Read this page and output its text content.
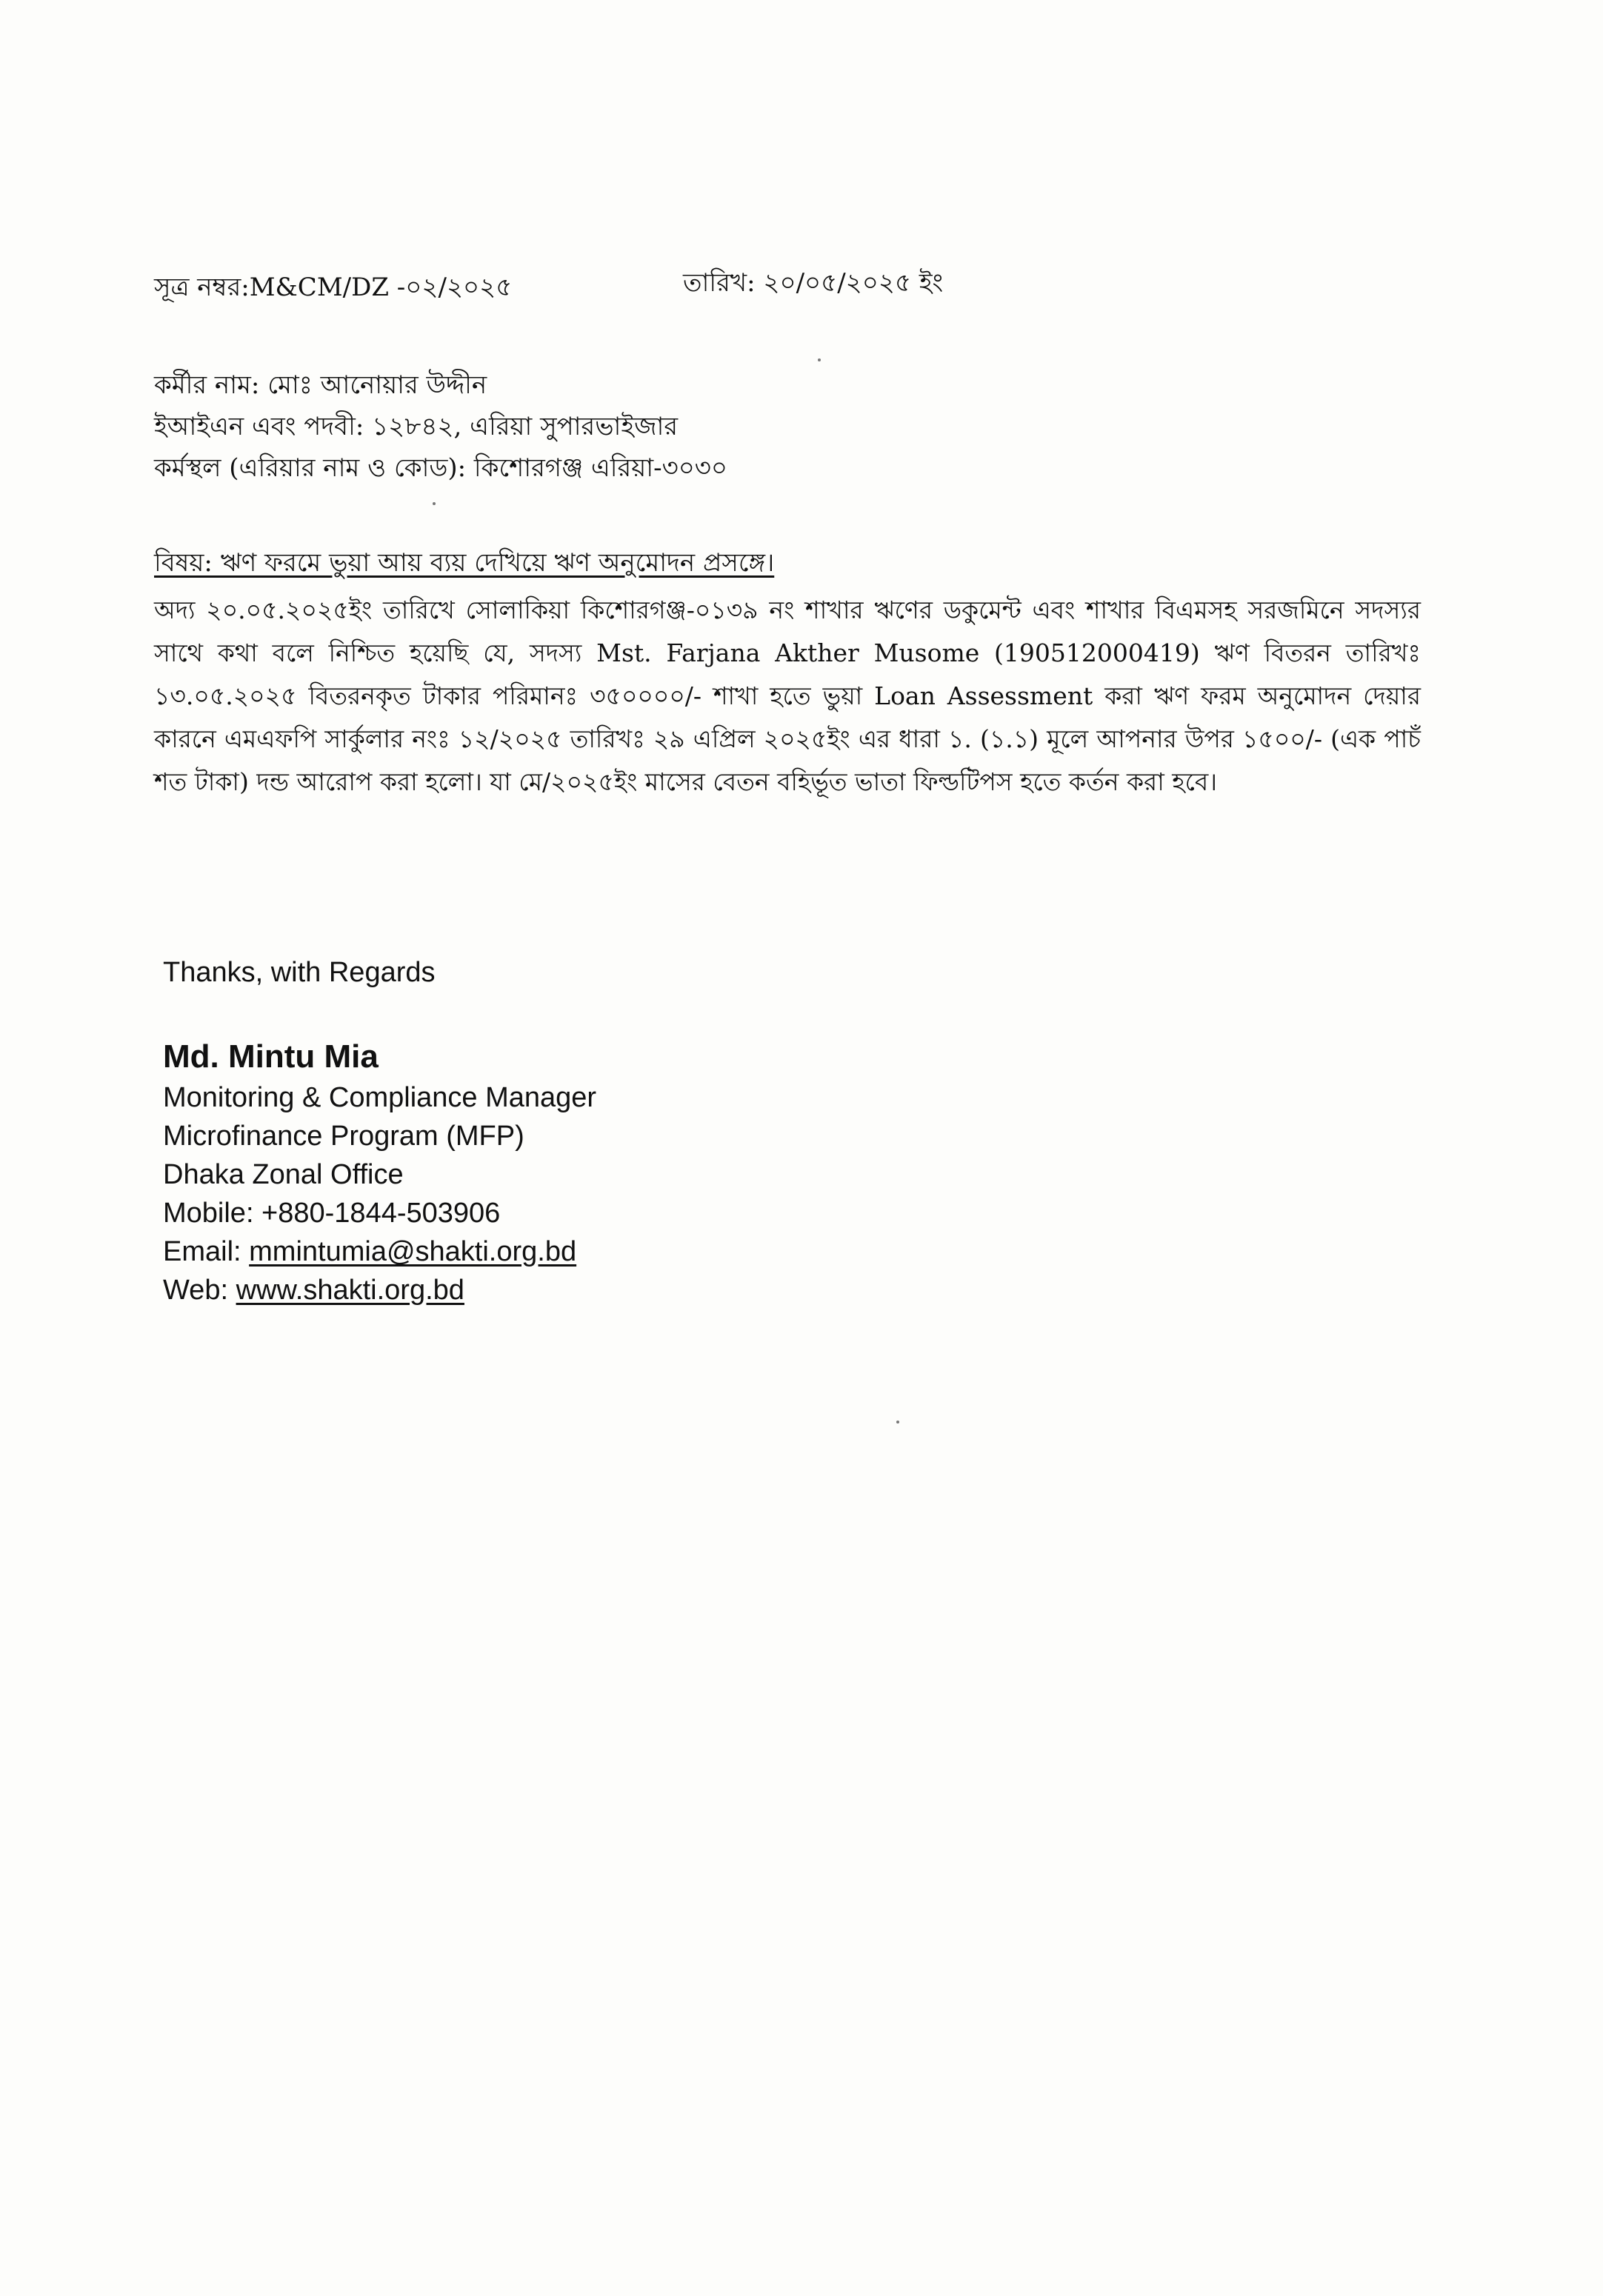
সূত্র নম্বর:M&CM/DZ -০২/২০২৫	তারিখ: ২০/০৫/২০২৫ ইং
কর্মীর নাম: মোঃ আনোয়ার উদ্দীন
ইআইএন এবং পদবী: ১২৮৪২, এরিয়া সুপারভাইজার
কর্মস্থল (এরিয়ার নাম ও কোড): কিশোরগঞ্জ এরিয়া-৩০৩০
বিষয়: ঋণ ফরমে ভুয়া আয় ব্যয় দেখিয়ে ঋণ অনুমোদন প্রসঙ্গে।
অদ্য ২০.০৫.২০২৫ইং তারিখে সোলাকিয়া কিশোরগঞ্জ-০১৩৯ নং শাখার ঋণের ডকুমেন্ট এবং শাখার বিএমসহ সরজমিনে সদস্যর সাথে কথা বলে নিশ্চিত হয়েছি যে, সদস্য Mst. Farjana Akther Musome (190512000419) ঋণ বিতরন তারিখঃ ১৩.০৫.২০২৫ বিতরনকৃত টাকার পরিমানঃ ৩৫০০০০/- শাখা হতে ভুয়া Loan Assessment করা ঋণ ফরম অনুমোদন দেয়ার কারনে এমএফপি সার্কুলার নংঃ ১২/২০২৫ তারিখঃ ২৯ এপ্রিল ২০২৫ইং এর ধারা ১. (১.১) মূলে আপনার উপর ১৫০০/- (এক পাচঁ শত টাকা) দন্ড আরোপ করা হলো। যা মে/২০২৫ইং মাসের বেতন বহির্ভূত ভাতা ফিল্ডটিপস হতে কর্তন করা হবে।
Thanks, with Regards
Md. Mintu Mia
Monitoring & Compliance Manager
Microfinance Program (MFP)
Dhaka Zonal Office
Mobile: +880-1844-503906
Email: mmintumia@shakti.org.bd
Web: www.shakti.org.bd
